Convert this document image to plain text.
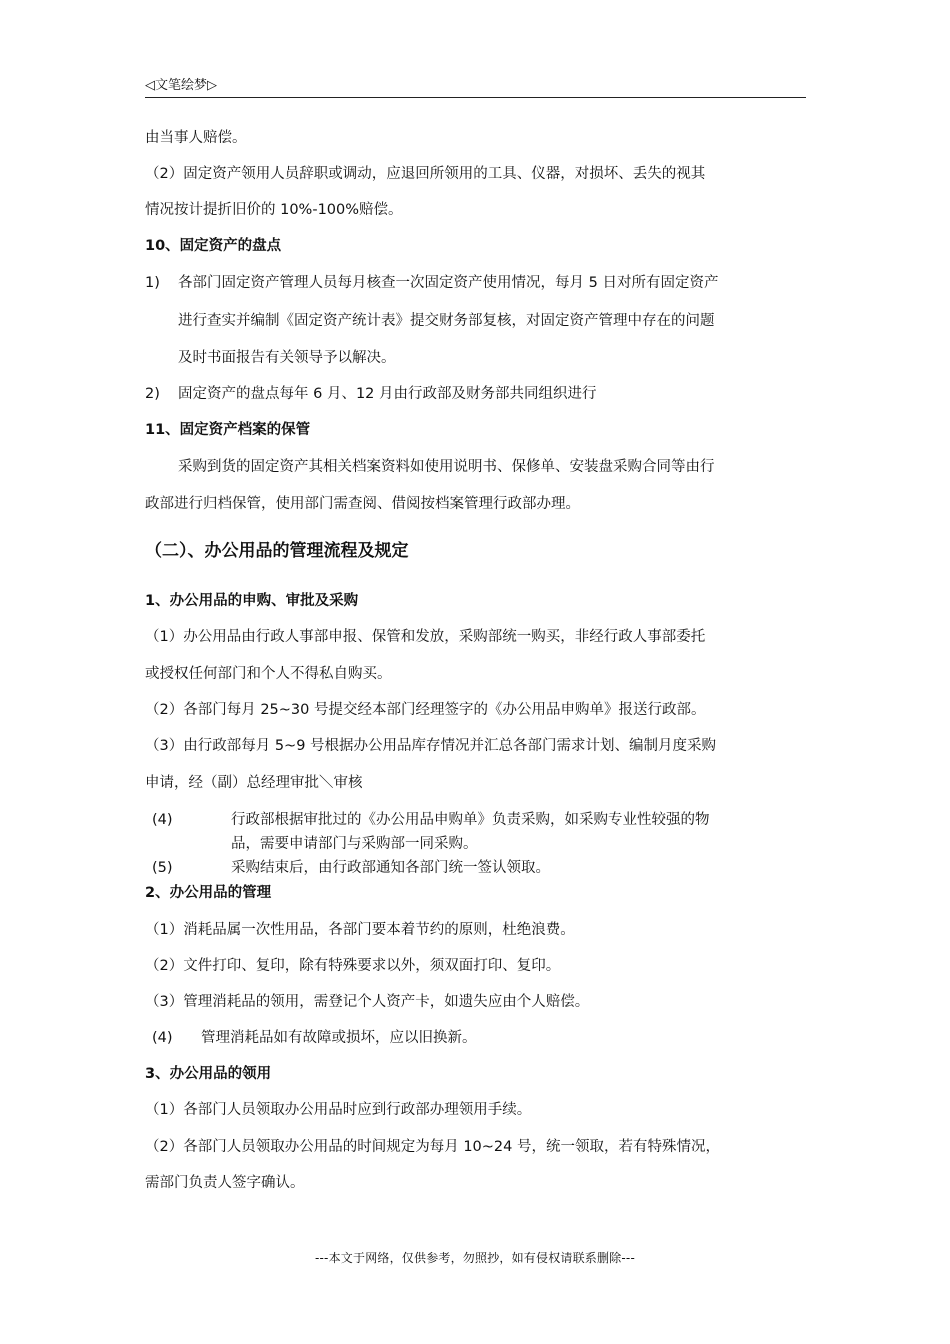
◁文笔绘梦▷
由当事人赔偿。
（2）固定资产领用人员辞职或调动，应退回所领用的工具、仪器，对损坏、丢失的视其
情况按计提折旧价的 10%-100%赔偿。
10、固定资产的盘点
1) 各部门固定资产管理人员每月核查一次固定资产使用情况，每月 5 日对所有固定资产
进行查实并编制《固定资产统计表》提交财务部复核，对固定资产管理中存在的问题
及时书面报告有关领导予以解决。
2) 固定资产的盘点每年 6 月、12 月由行政部及财务部共同组织进行
11、固定资产档案的保管
采购到货的固定资产其相关档案资料如使用说明书、保修单、安装盘采购合同等由行
政部进行归档保管，使用部门需查阅、借阅按档案管理行政部办理。
（二）、办公用品的管理流程及规定
1、办公用品的申购、审批及采购
（1）办公用品由行政人事部申报、保管和发放，采购部统一购买，非经行政人事部委托
或授权任何部门和个人不得私自购买。
（2）各部门每月 25~30 号提交经本部门经理签字的《办公用品申购单》报送行政部。
（3）由行政部每月 5~9 号根据办公用品库存情况并汇总各部门需求计划、编制月度采购
申请，经（副）总经理审批＼审核
(4)	行政部根据审批过的《办公用品申购单》负责采购，如采购专业性较强的物
品，需要申请部门与采购部一同采购。
(5)	采购结束后，由行政部通知各部门统一签认领取。
2、办公用品的管理
（1）消耗品属一次性用品，各部门要本着节约的原则，杜绝浪费。
（2）文件打印、复印，除有特殊要求以外，须双面打印、复印。
（3）管理消耗品的领用，需登记个人资产卡，如遗失应由个人赔偿。
(4) 管理消耗品如有故障或损坏，应以旧换新。
3、办公用品的领用
（1）各部门人员领取办公用品时应到行政部办理领用手续。
（2）各部门人员领取办公用品的时间规定为每月 10~24 号，统一领取，若有特殊情况，
需部门负责人签字确认。
---本文于网络，仅供参考，勿照抄，如有侵权请联系删除---
